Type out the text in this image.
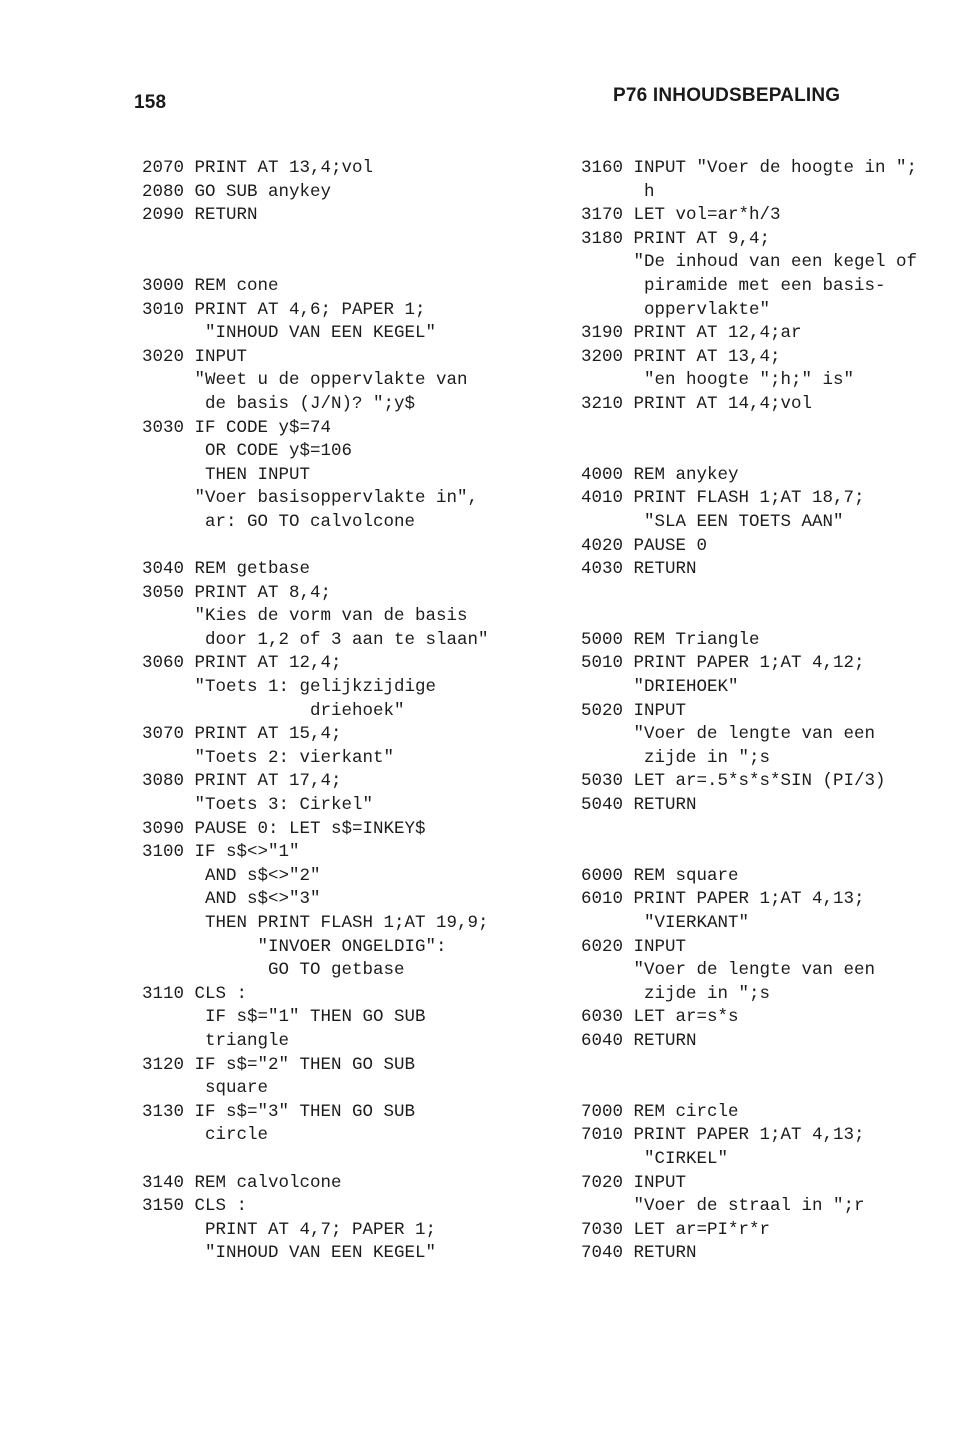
158	P76 INHOUDSBEPALING
2070 PRINT AT 13,4;vol
2080 GO SUB anykey
2090 RETURN
3000 REM cone
3010 PRINT AT 4,6; PAPER 1;
"INHOUD VAN EEN KEGEL"
3020 INPUT
"Weet u de oppervlakte van
de basis (J/N)? ";y$
3030 IF CODE y$=74
OR CODE y$=106
THEN INPUT
"Voer basisoppervlakte in",
ar: GO TO calvolcone
3040 REM getbase
3050 PRINT AT 8,4;
"Kies de vorm van de basis
door 1,2 of 3 aan te slaan"
3060 PRINT AT 12,4;
"Toets 1: gelijkzijdige
driehoek"
3070 PRINT AT 15,4;
"Toets 2: vierkant"
3080 PRINT AT 17,4;
"Toets 3: Cirkel"
3090 PAUSE 0: LET s$=INKEY$
3100 IF s$<>"1"
AND s$<>"2"
AND s$<>"3"
THEN PRINT FLASH 1;AT 19,9;
"INVOER ONGELDIG":
GO TO getbase
3110 CLS :
IF s$="1" THEN GO SUB
triangle
3120 IF s$="2" THEN GO SUB
square
3130 IF s$="3" THEN GO SUB
circle
3140 REM calvolcone
3150 CLS :
PRINT AT 4,7; PAPER 1;
"INHOUD VAN EEN KEGEL"
3160 INPUT "Voer de hoogte in ";
h
3170 LET vol=ar*h/3
3180 PRINT AT 9,4;
"De inhoud van een kegel of
piramide met een basis-
oppervlakte"
3190 PRINT AT 12,4;ar
3200 PRINT AT 13,4;
"en hoogte ";h;" is"
3210 PRINT AT 14,4;vol
4000 REM anykey
4010 PRINT FLASH 1;AT 18,7;
"SLA EEN TOETS AAN"
4020 PAUSE 0
4030 RETURN
5000 REM Triangle
5010 PRINT PAPER 1;AT 4,12;
"DRIEHOEK"
5020 INPUT
"Voer de lengte van een
zijde in ";s
5030 LET ar=.5*s*s*SIN (PI/3)
5040 RETURN
6000 REM square
6010 PRINT PAPER 1;AT 4,13;
"VIERKANT"
6020 INPUT
"Voer de lengte van een
zijde in ";s
6030 LET ar=s*s
6040 RETURN
7000 REM circle
7010 PRINT PAPER 1;AT 4,13;
"CIRKEL"
7020 INPUT
"Voer de straal in ";r
7030 LET ar=PI*r*r
7040 RETURN
